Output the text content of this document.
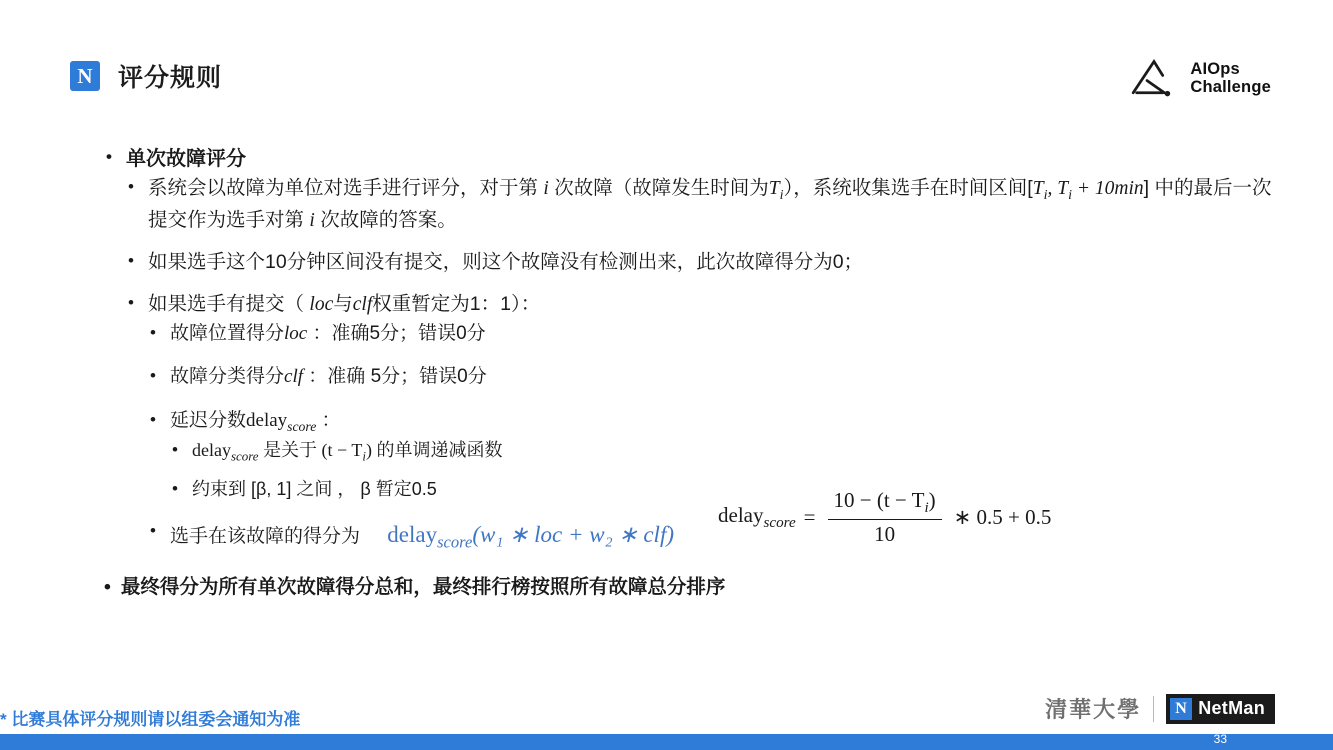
N 评分规则	AIOps
Challenge
• 单次故障评分
• 系统会以故障为单位对选手进行评分，对于第 i 次故障（故障发生时间为$T_i$），系统收集选手在时间区间[$T_i$, $T_i + 10\min$] 中的最后一次提交作为选手对第 i 次故障的答案。
• 如果选手这个10分钟区间没有提交，则这个故障没有检测出来，此次故障得分为0；
• 如果选手有提交（ loc与clf权重暂定为1：1）：
• 故障位置得分loc ：准确5分；错误0分
• 故障分类得分clf ：准确 5分；错误0分
• 延迟分数delay$_{score}$ ：
• delay$_{score}$ 是关于 $(t - T_i)$ 的单调递减函数
• 约束到 [β, 1] 之间 ， β 暂定0.5
• 选手在该故障的得分为 delay$_{score}$(w₁ ∗ loc + w₂ ∗ clf)
• 最终得分为所有单次故障得分总和，最终排行榜按照所有故障总分排序
delay$_{score}$ = $\frac{10 - (t - T_i)}{10}$ ∗ 0.5 + 0.5
* 比赛具体评分规则请以组委会通知为准	清華大學	N NetMan
33
